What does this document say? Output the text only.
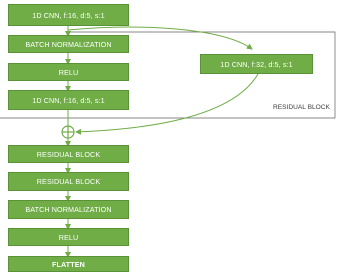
1D CNN, f:16, d:5, s:1
BATCH NORMALIZATION
RELU
1D CNN, f:16, d:5, s:1
1D CNN, f:32, d:5, s:1
RESIDUAL BLOCK
RESIDUAL BLOCK
RESIDUAL BLOCK
BATCH NORMALIZATION
RELU
FLATTEN
